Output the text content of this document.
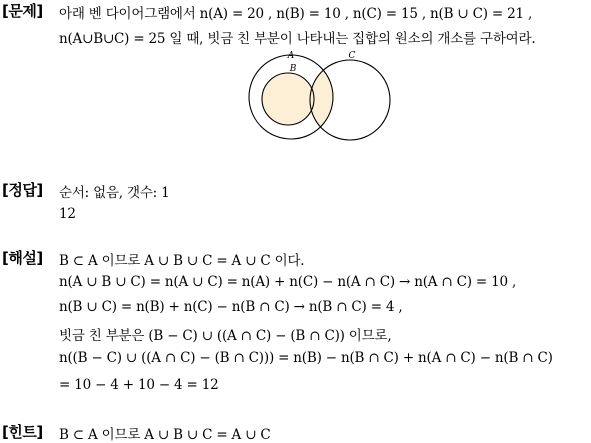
[문제] 아래 벤 다이어그램에서 n(A) = 20 , n(B) = 10 , n(C) = 15 , n(B ∪ C) = 21 ,
n(A∪B∪C) = 25 일 때, 빗금 친 부분이 나타내는 집합의 원소의 개소를 구하여라.
A
B
C
[정답] 순서: 없음, 갯수: 1
12
[해설] B ⊂ A 이므로 A ∪ B ∪ C = A ∪ C 이다.
n(A ∪ B ∪ C) = n(A ∪ C) = n(A) + n(C) − n(A ∩ C) → n(A ∩ C) = 10 ,
n(B ∪ C) = n(B) + n(C) − n(B ∩ C) → n(B ∩ C) = 4 ,
빗금 친 부분은 (B − C) ∪ ((A ∩ C) − (B ∩ C)) 이므로,
n((B − C) ∪ ((A ∩ C) − (B ∩ C))) = n(B) − n(B ∩ C) + n(A ∩ C) − n(B ∩ C)
= 10 − 4 + 10 − 4 = 12
[힌트] B ⊂ A 이므로 A ∪ B ∪ C = A ∪ C
